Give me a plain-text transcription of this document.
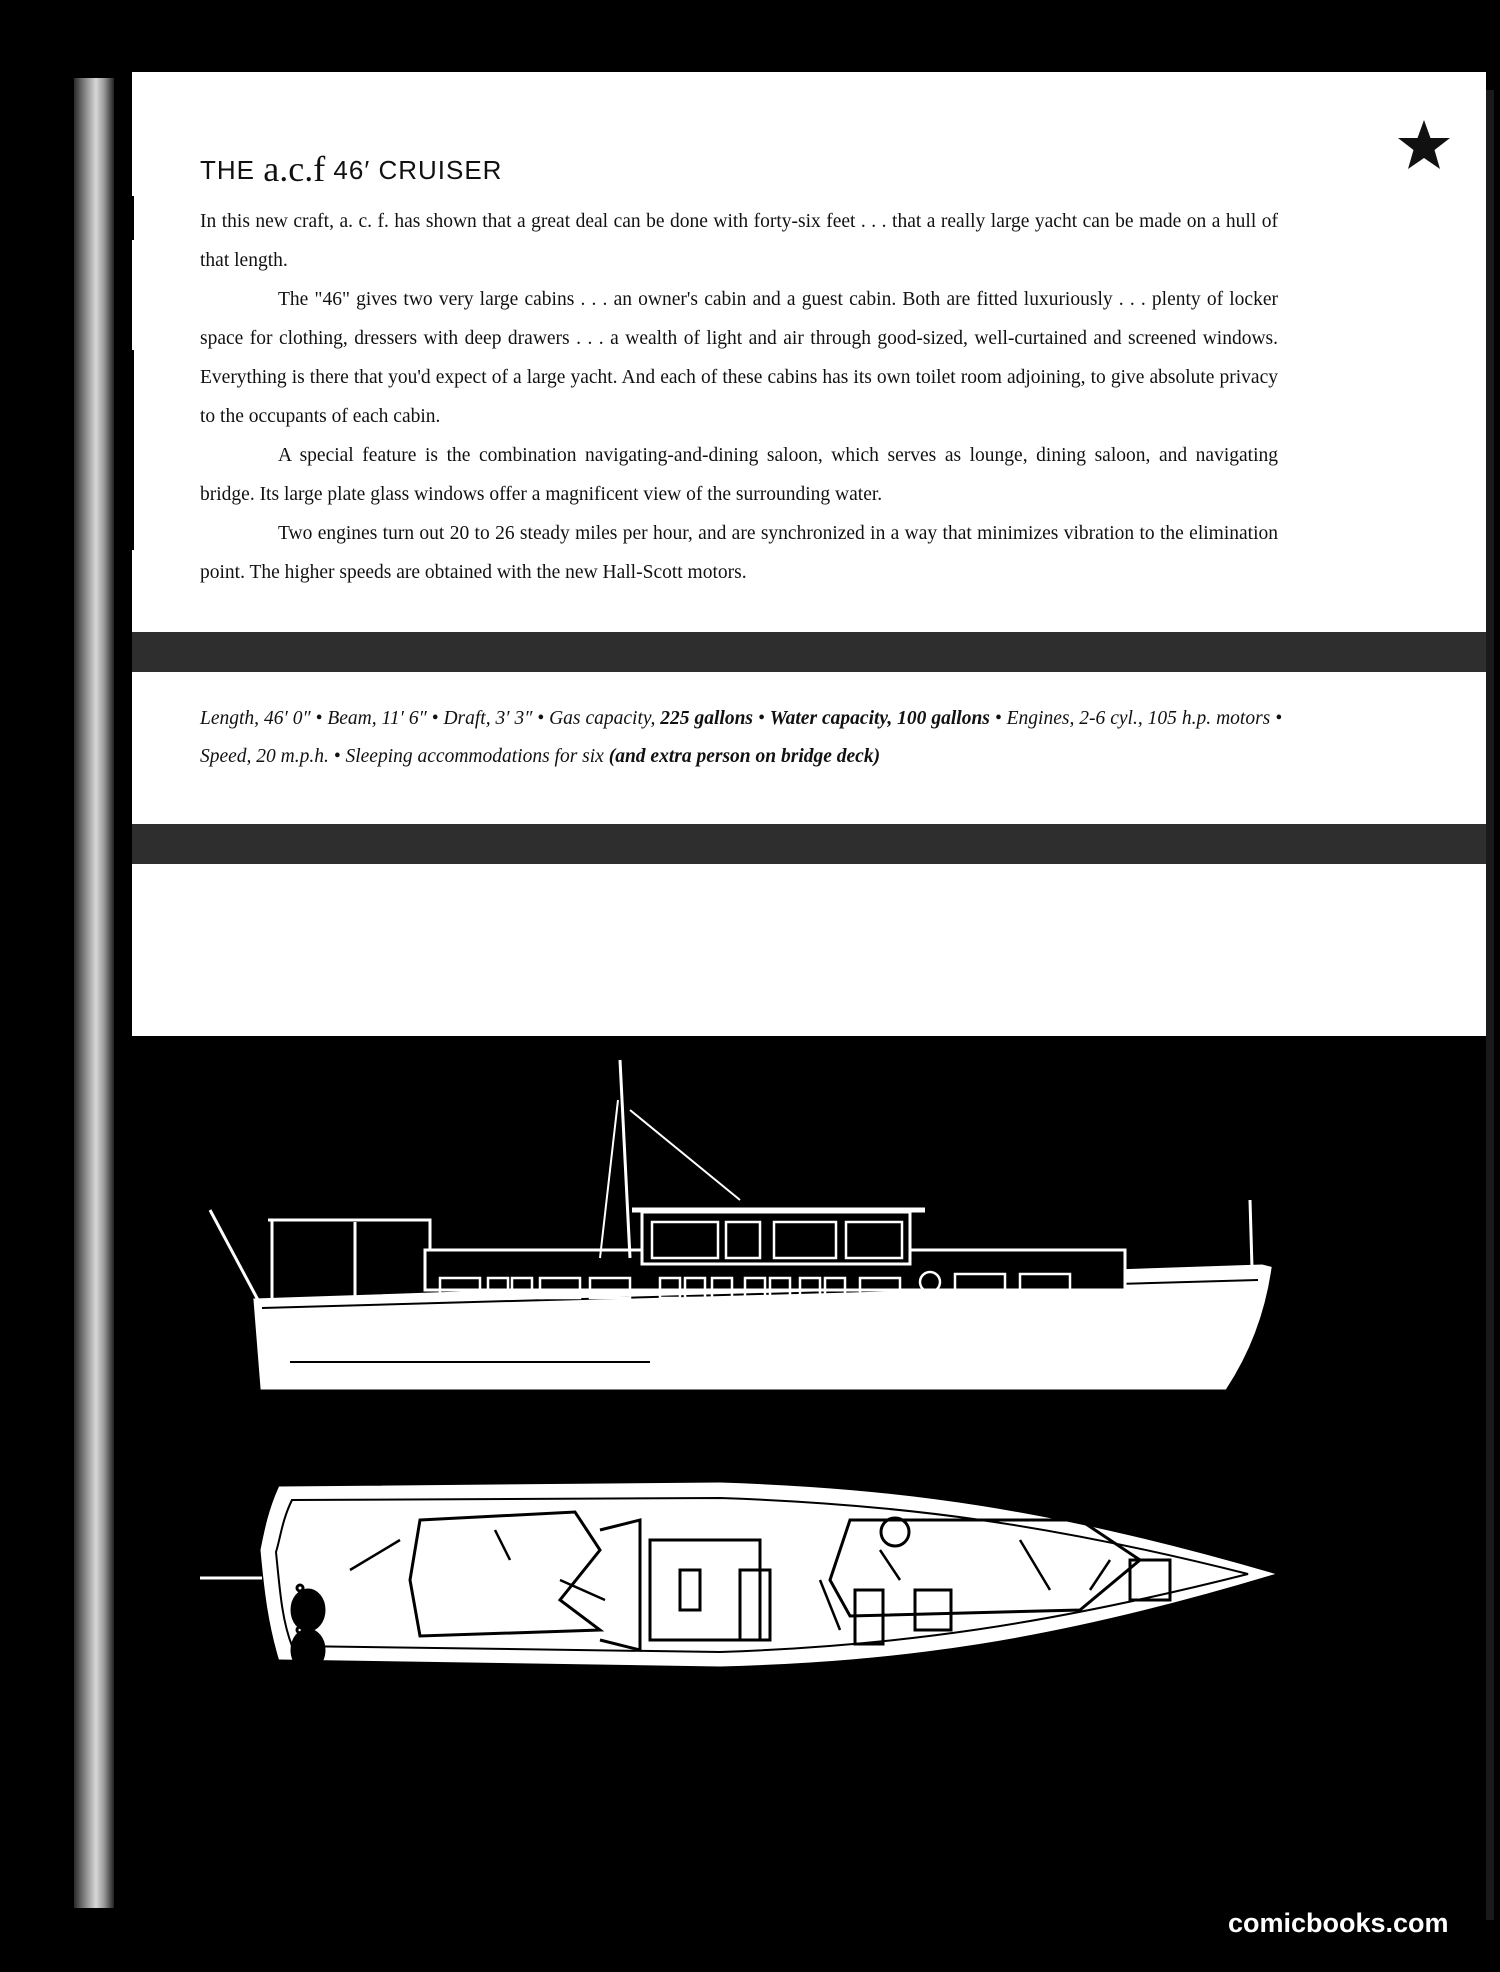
THE a.c.f 46′ CRUISER

In this new craft, a. c. f. has shown that a great deal can be done with forty-six feet . . . that a really large yacht can be made on a hull of that length.

The "46" gives two very large cabins . . . an owner's cabin and a guest cabin. Both are fitted luxuriously . . . plenty of locker space for clothing, dressers with deep drawers . . . a wealth of light and air through good-sized, well-curtained and screened windows. Everything is there that you'd expect of a large yacht. And each of these cabins has its own toilet room adjoining, to give absolute privacy to the occupants of each cabin.

A special feature is the combination navigating-and-dining saloon, which serves as lounge, dining saloon, and navigating bridge. Its large plate glass windows offer a magnificent view of the surrounding water.

Two engines turn out 20 to 26 steady miles per hour, and are synchronized in a way that minimizes vibration to the elimination point. The higher speeds are obtained with the new Hall-Scott motors.

Length, 46′ 0″ • Beam, 11′ 6″ • Draft, 3′ 3″ • Gas capacity, 225 gallons • Water capacity, 100 gallons • Engines, 2-6 cyl., 105 h.p. motors • Speed, 20 m.p.h. • Sleeping accommodations for six (and extra person on bridge deck)
comicbooks.com
